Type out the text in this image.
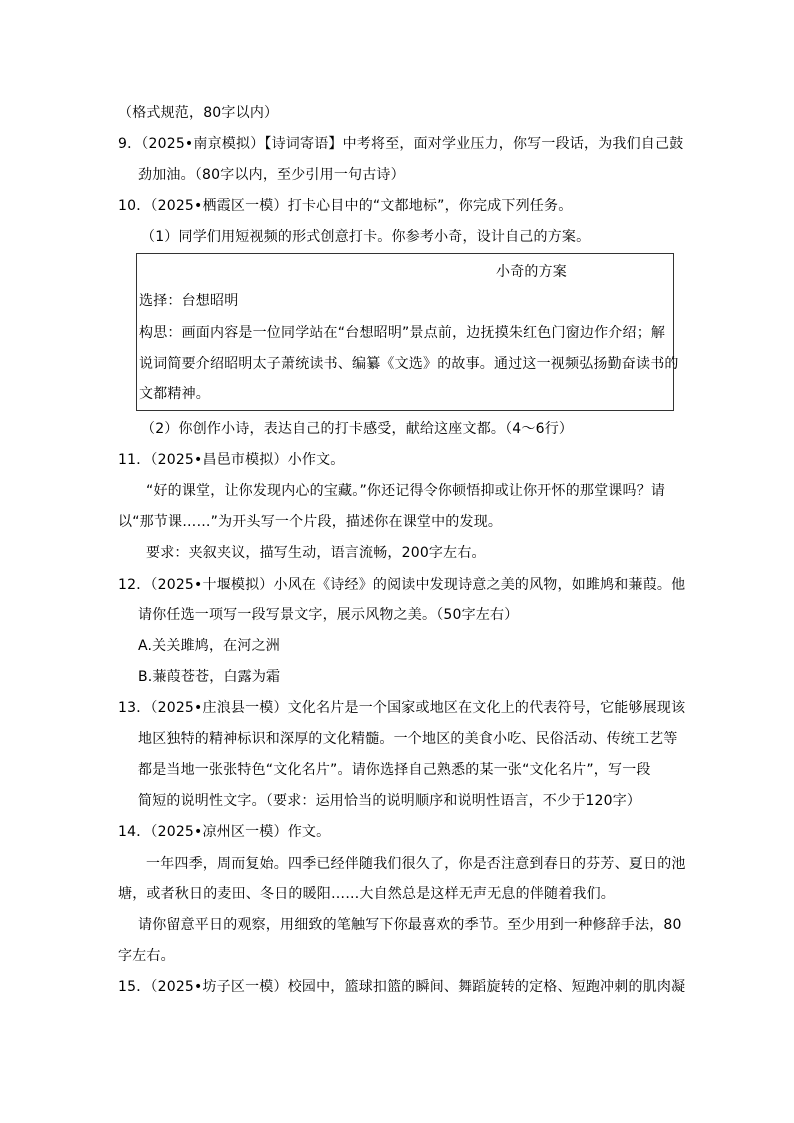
（格式规范，80字以内）
9．（2025•南京模拟）【诗词寄语】中考将至，面对学业压力，你写一段话，为我们自己鼓
劲加油。（80字以内，至少引用一句古诗）
10．（2025•栖霞区一模）打卡心目中的“文都地标”，你完成下列任务。
（1）同学们用短视频的形式创意打卡。你参考小奇，设计自己的方案。
小奇的方案
选择：台想昭明
构思：画面内容是一位同学站在“台想昭明”景点前，边抚摸朱红色门窗边作介绍；解
说词简要介绍昭明太子萧统读书、编纂《文选》的故事。通过这一视频弘扬勤奋读书的
文都精神。
（2）你创作小诗，表达自己的打卡感受，献给这座文都。（4～6行）
11．（2025•昌邑市模拟）小作文。
“好的课堂，让你发现内心的宝藏。”你还记得令你顿悟抑或让你开怀的那堂课吗？请
以“那节课……”为开头写一个片段，描述你在课堂中的发现。
要求：夹叙夹议，描写生动，语言流畅，200字左右。
12．（2025•十堰模拟）小风在《诗经》的阅读中发现诗意之美的风物，如雎鸠和蒹葭。他
请你任选一项写一段写景文字，展示风物之美。（50字左右）
A.关关雎鸠，在河之洲
B.蒹葭苍苍，白露为霜
13．（2025•庄浪县一模）文化名片是一个国家或地区在文化上的代表符号，它能够展现该
地区独特的精神标识和深厚的文化精髓。一个地区的美食小吃、民俗活动、传统工艺等
都是当地一张张特色“文化名片”。请你选择自己熟悉的某一张“文化名片”，写一段
简短的说明性文字。（要求：运用恰当的说明顺序和说明性语言，不少于120字）
14．（2025•凉州区一模）作文。
一年四季，周而复始。四季已经伴随我们很久了，你是否注意到春日的芬芳、夏日的池
塘，或者秋日的麦田、冬日的暖阳……大自然总是这样无声无息的伴随着我们。
请你留意平日的观察，用细致的笔触写下你最喜欢的季节。至少用到一种修辞手法，80
字左右。
15．（2025•坊子区一模）校园中，篮球扣篮的瞬间、舞蹈旋转的定格、短跑冲刺的肌肉凝
